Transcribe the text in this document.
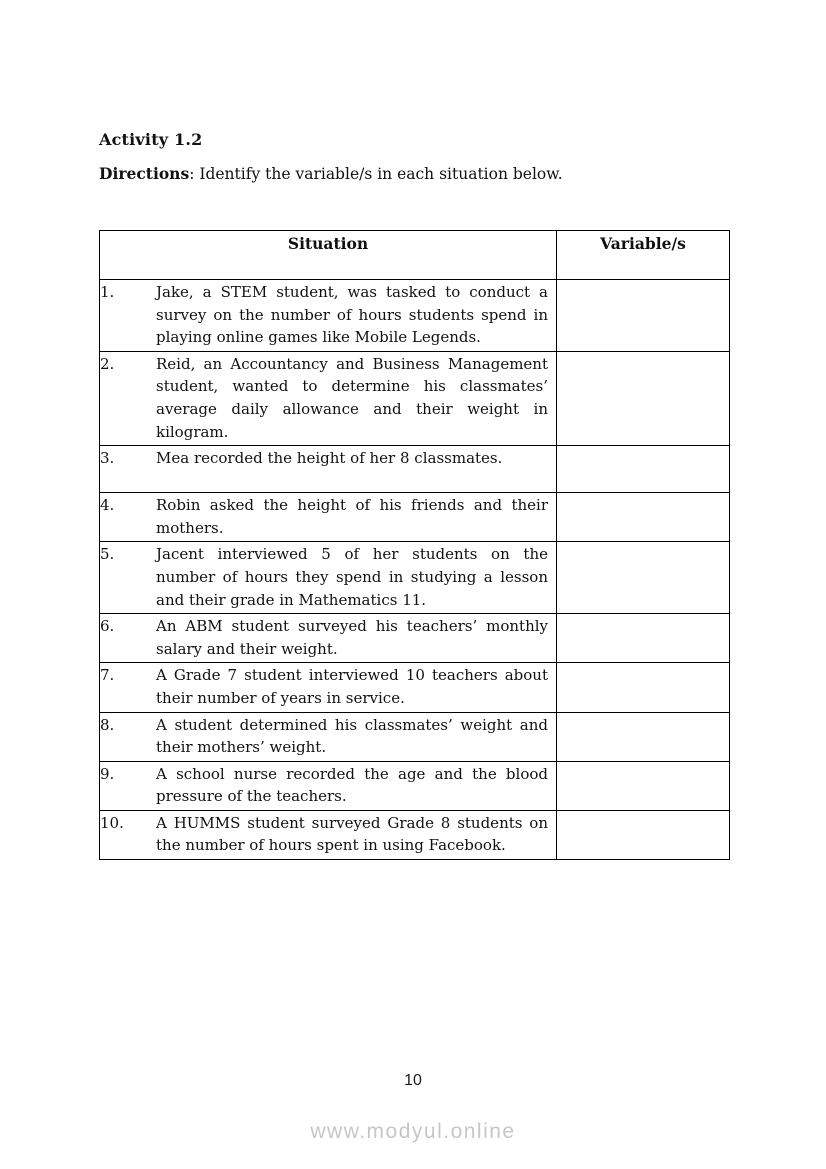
Activity 1.2
Directions: Identify the variable/s in each situation below.
Situation	Variable/s

1. Jake, a STEM student, was tasked to conduct a survey on the number of hours students spend in playing online games like Mobile Legends.	

2. Reid, an Accountancy and Business Management student, wanted to determine his classmates’ average daily allowance and their weight in kilogram.	

3. Mea recorded the height of her 8 classmates.	

4. Robin asked the height of his friends and their mothers.	

5. Jacent interviewed 5 of her students on the number of hours they spend in studying a lesson and their grade in Mathematics 11.	

6. An ABM student surveyed his teachers’ monthly salary and their weight.	

7. A Grade 7 student interviewed 10 teachers about their number of years in service.	

8. A student determined his classmates’ weight and their mothers’ weight.	

9. A school nurse recorded the age and the blood pressure of the teachers.	

10. A HUMMS student surveyed Grade 8 students on the number of hours spent in using Facebook.	

10
www.modyul.online
